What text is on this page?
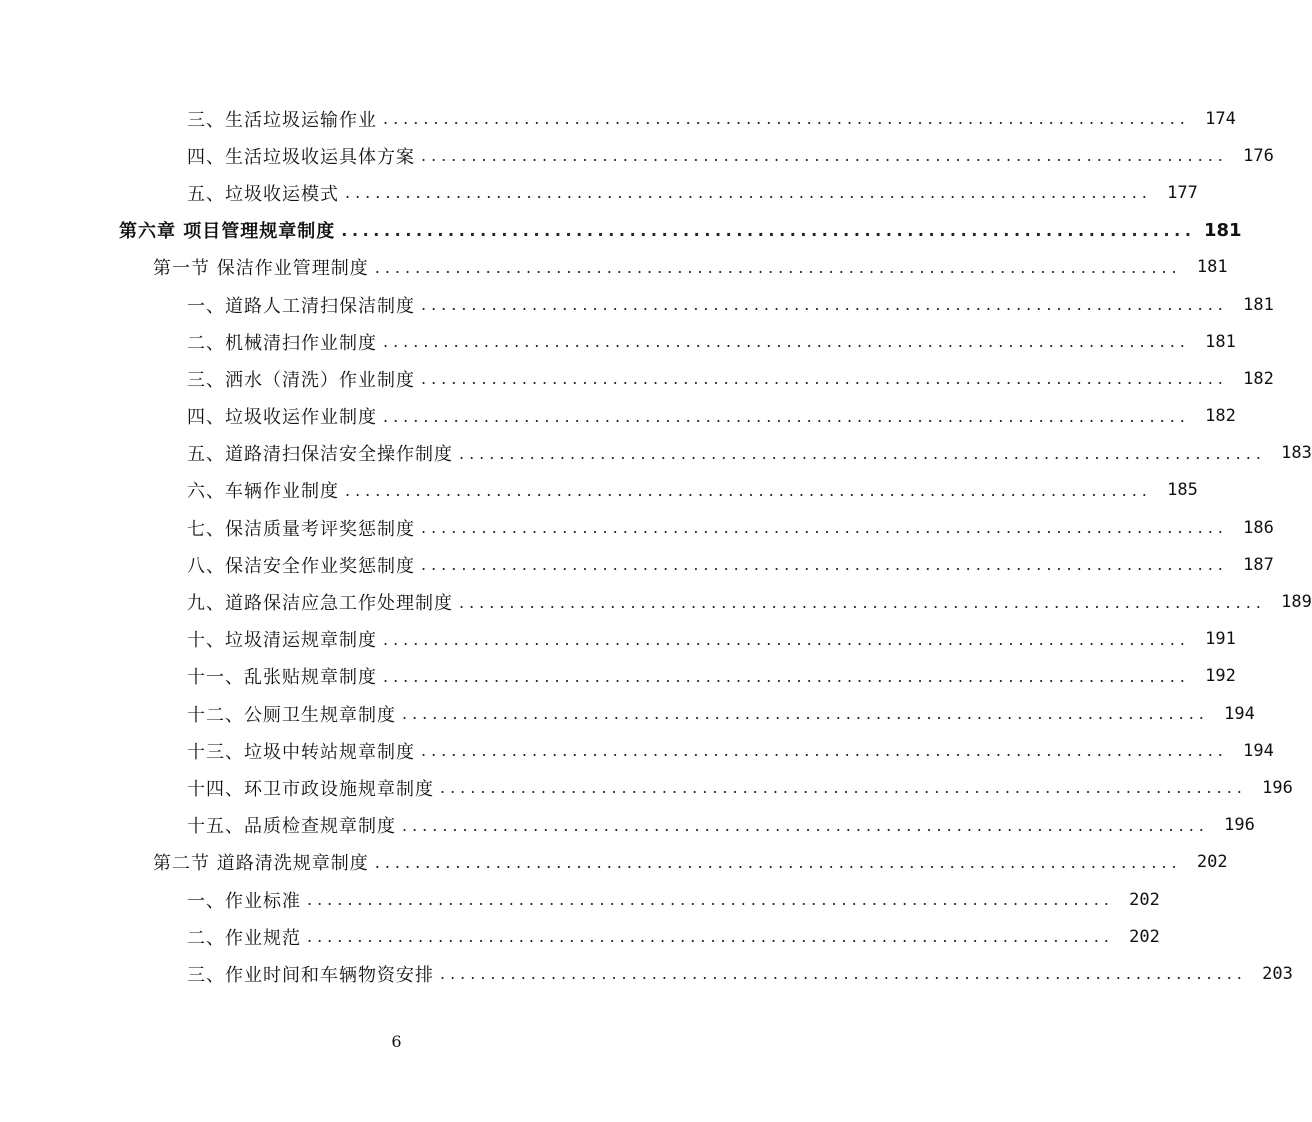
三、生活垃圾运输作业 ................................................................................ 174
四、生活垃圾收运具体方案 ................................................................................ 176
五、垃圾收运模式 ................................................................................ 177
第六章 项目管理规章制度 ................................................................................ 181
第一节 保洁作业管理制度 ................................................................................ 181
一、道路人工清扫保洁制度 ................................................................................ 181
二、机械清扫作业制度 ................................................................................ 181
三、洒水（清洗）作业制度 ................................................................................ 182
四、垃圾收运作业制度 ................................................................................ 182
五、道路清扫保洁安全操作制度 ................................................................................ 183
六、车辆作业制度 ................................................................................ 185
七、保洁质量考评奖惩制度 ................................................................................ 186
八、保洁安全作业奖惩制度 ................................................................................ 187
九、道路保洁应急工作处理制度 ................................................................................ 189
十、垃圾清运规章制度 ................................................................................ 191
十一、乱张贴规章制度 ................................................................................ 192
十二、公厕卫生规章制度 ................................................................................ 194
十三、垃圾中转站规章制度 ................................................................................ 194
十四、环卫市政设施规章制度 ................................................................................ 196
十五、品质检查规章制度 ................................................................................ 196
第二节 道路清洗规章制度 ................................................................................ 202
一、作业标准 ................................................................................ 202
二、作业规范 ................................................................................ 202
三、作业时间和车辆物资安排 ................................................................................ 203
6
